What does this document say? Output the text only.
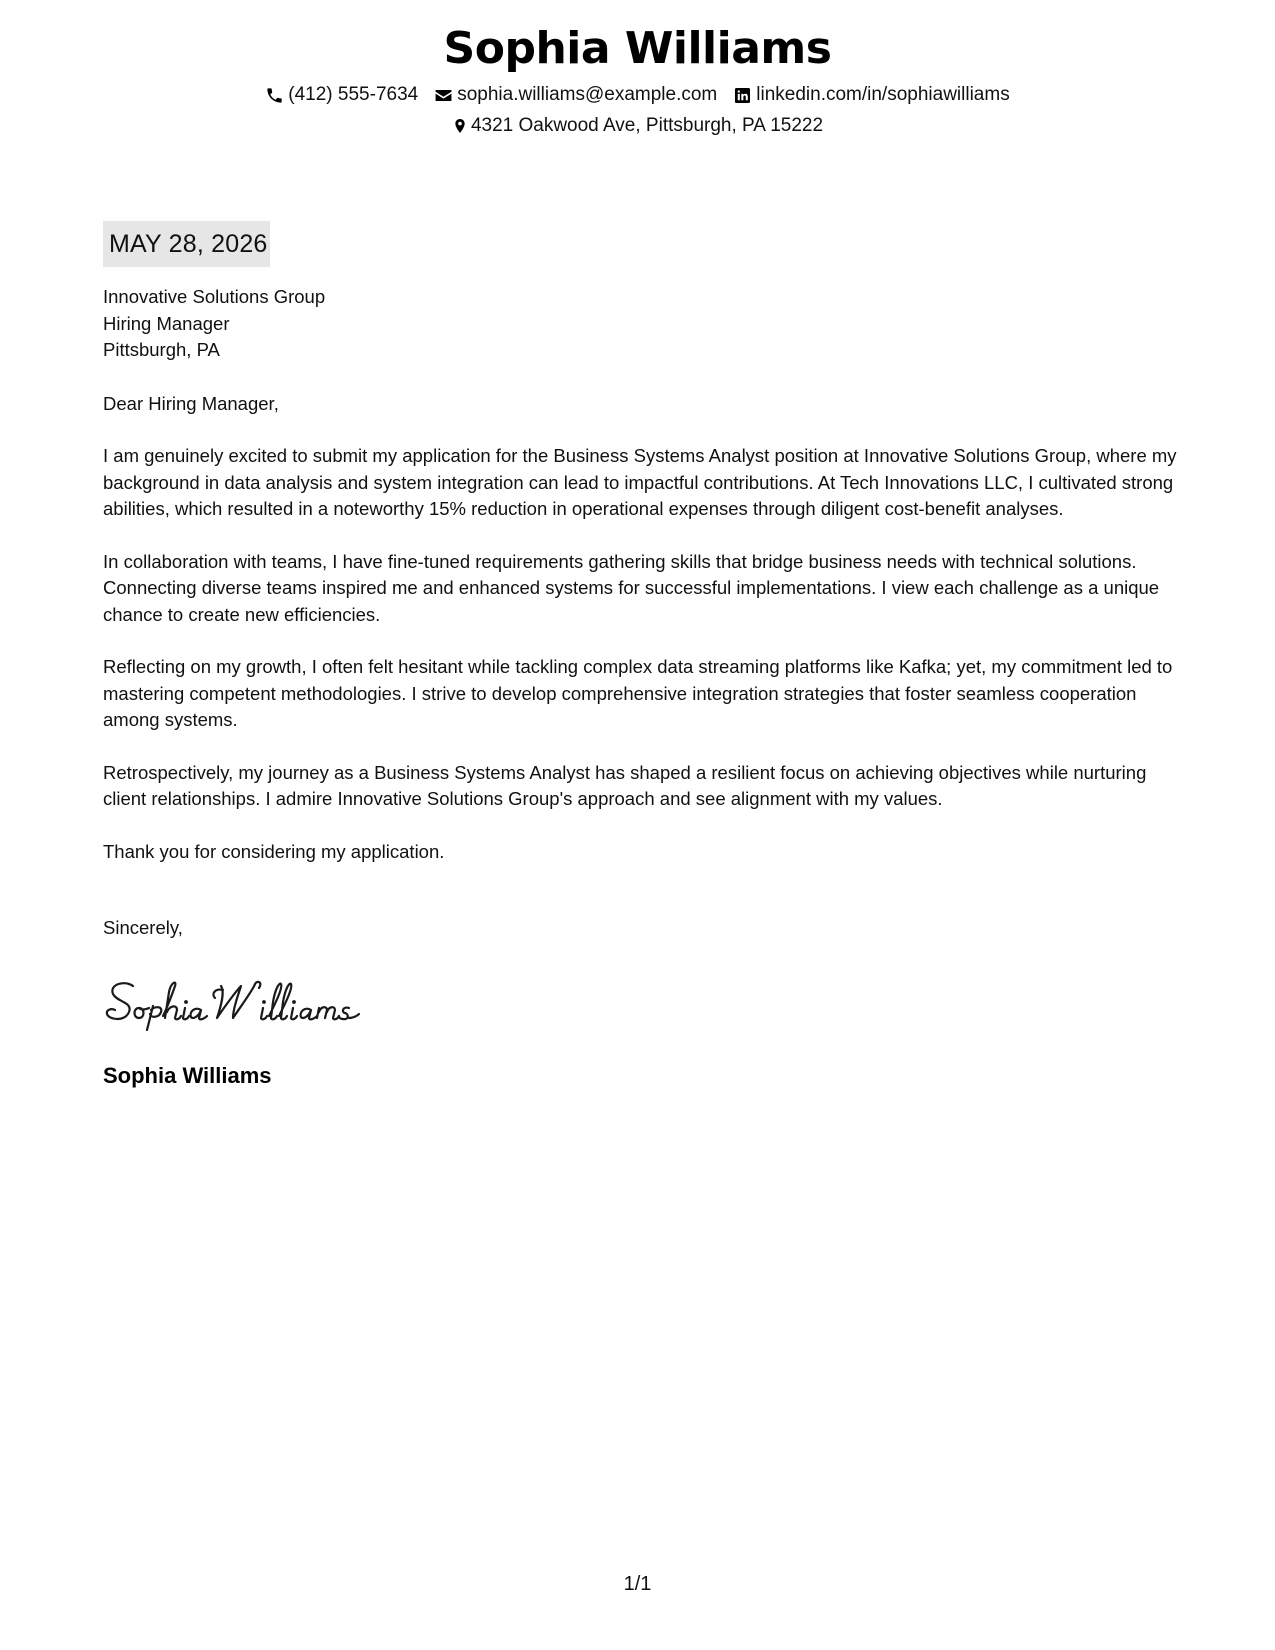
Sophia Williams
(412) 555-7634 sophia.williams@example.com linkedin.com/in/sophiawilliams
4321 Oakwood Ave, Pittsburgh, PA 15222
MAY 28, 2026
Innovative Solutions Group
Hiring Manager
Pittsburgh, PA
Dear Hiring Manager,

I am genuinely excited to submit my application for the Business Systems Analyst position at Innovative Solutions Group, where my background in data analysis and system integration can lead to impactful contributions. At Tech Innovations LLC, I cultivated strong abilities, which resulted in a noteworthy 15% reduction in operational expenses through diligent cost-benefit analyses.

In collaboration with teams, I have fine-tuned requirements gathering skills that bridge business needs with technical solutions. Connecting diverse teams inspired me and enhanced systems for successful implementations. I view each challenge as a unique chance to create new efficiencies.

Reflecting on my growth, I often felt hesitant while tackling complex data streaming platforms like Kafka; yet, my commitment led to mastering competent methodologies. I strive to develop comprehensive integration strategies that foster seamless cooperation among systems.

Retrospectively, my journey as a Business Systems Analyst has shaped a resilient focus on achieving objectives while nurturing client relationships. I admire Innovative Solutions Group's approach and see alignment with my values.

Thank you for considering my application.
Sincerely,
Sophia Williams
1/1
